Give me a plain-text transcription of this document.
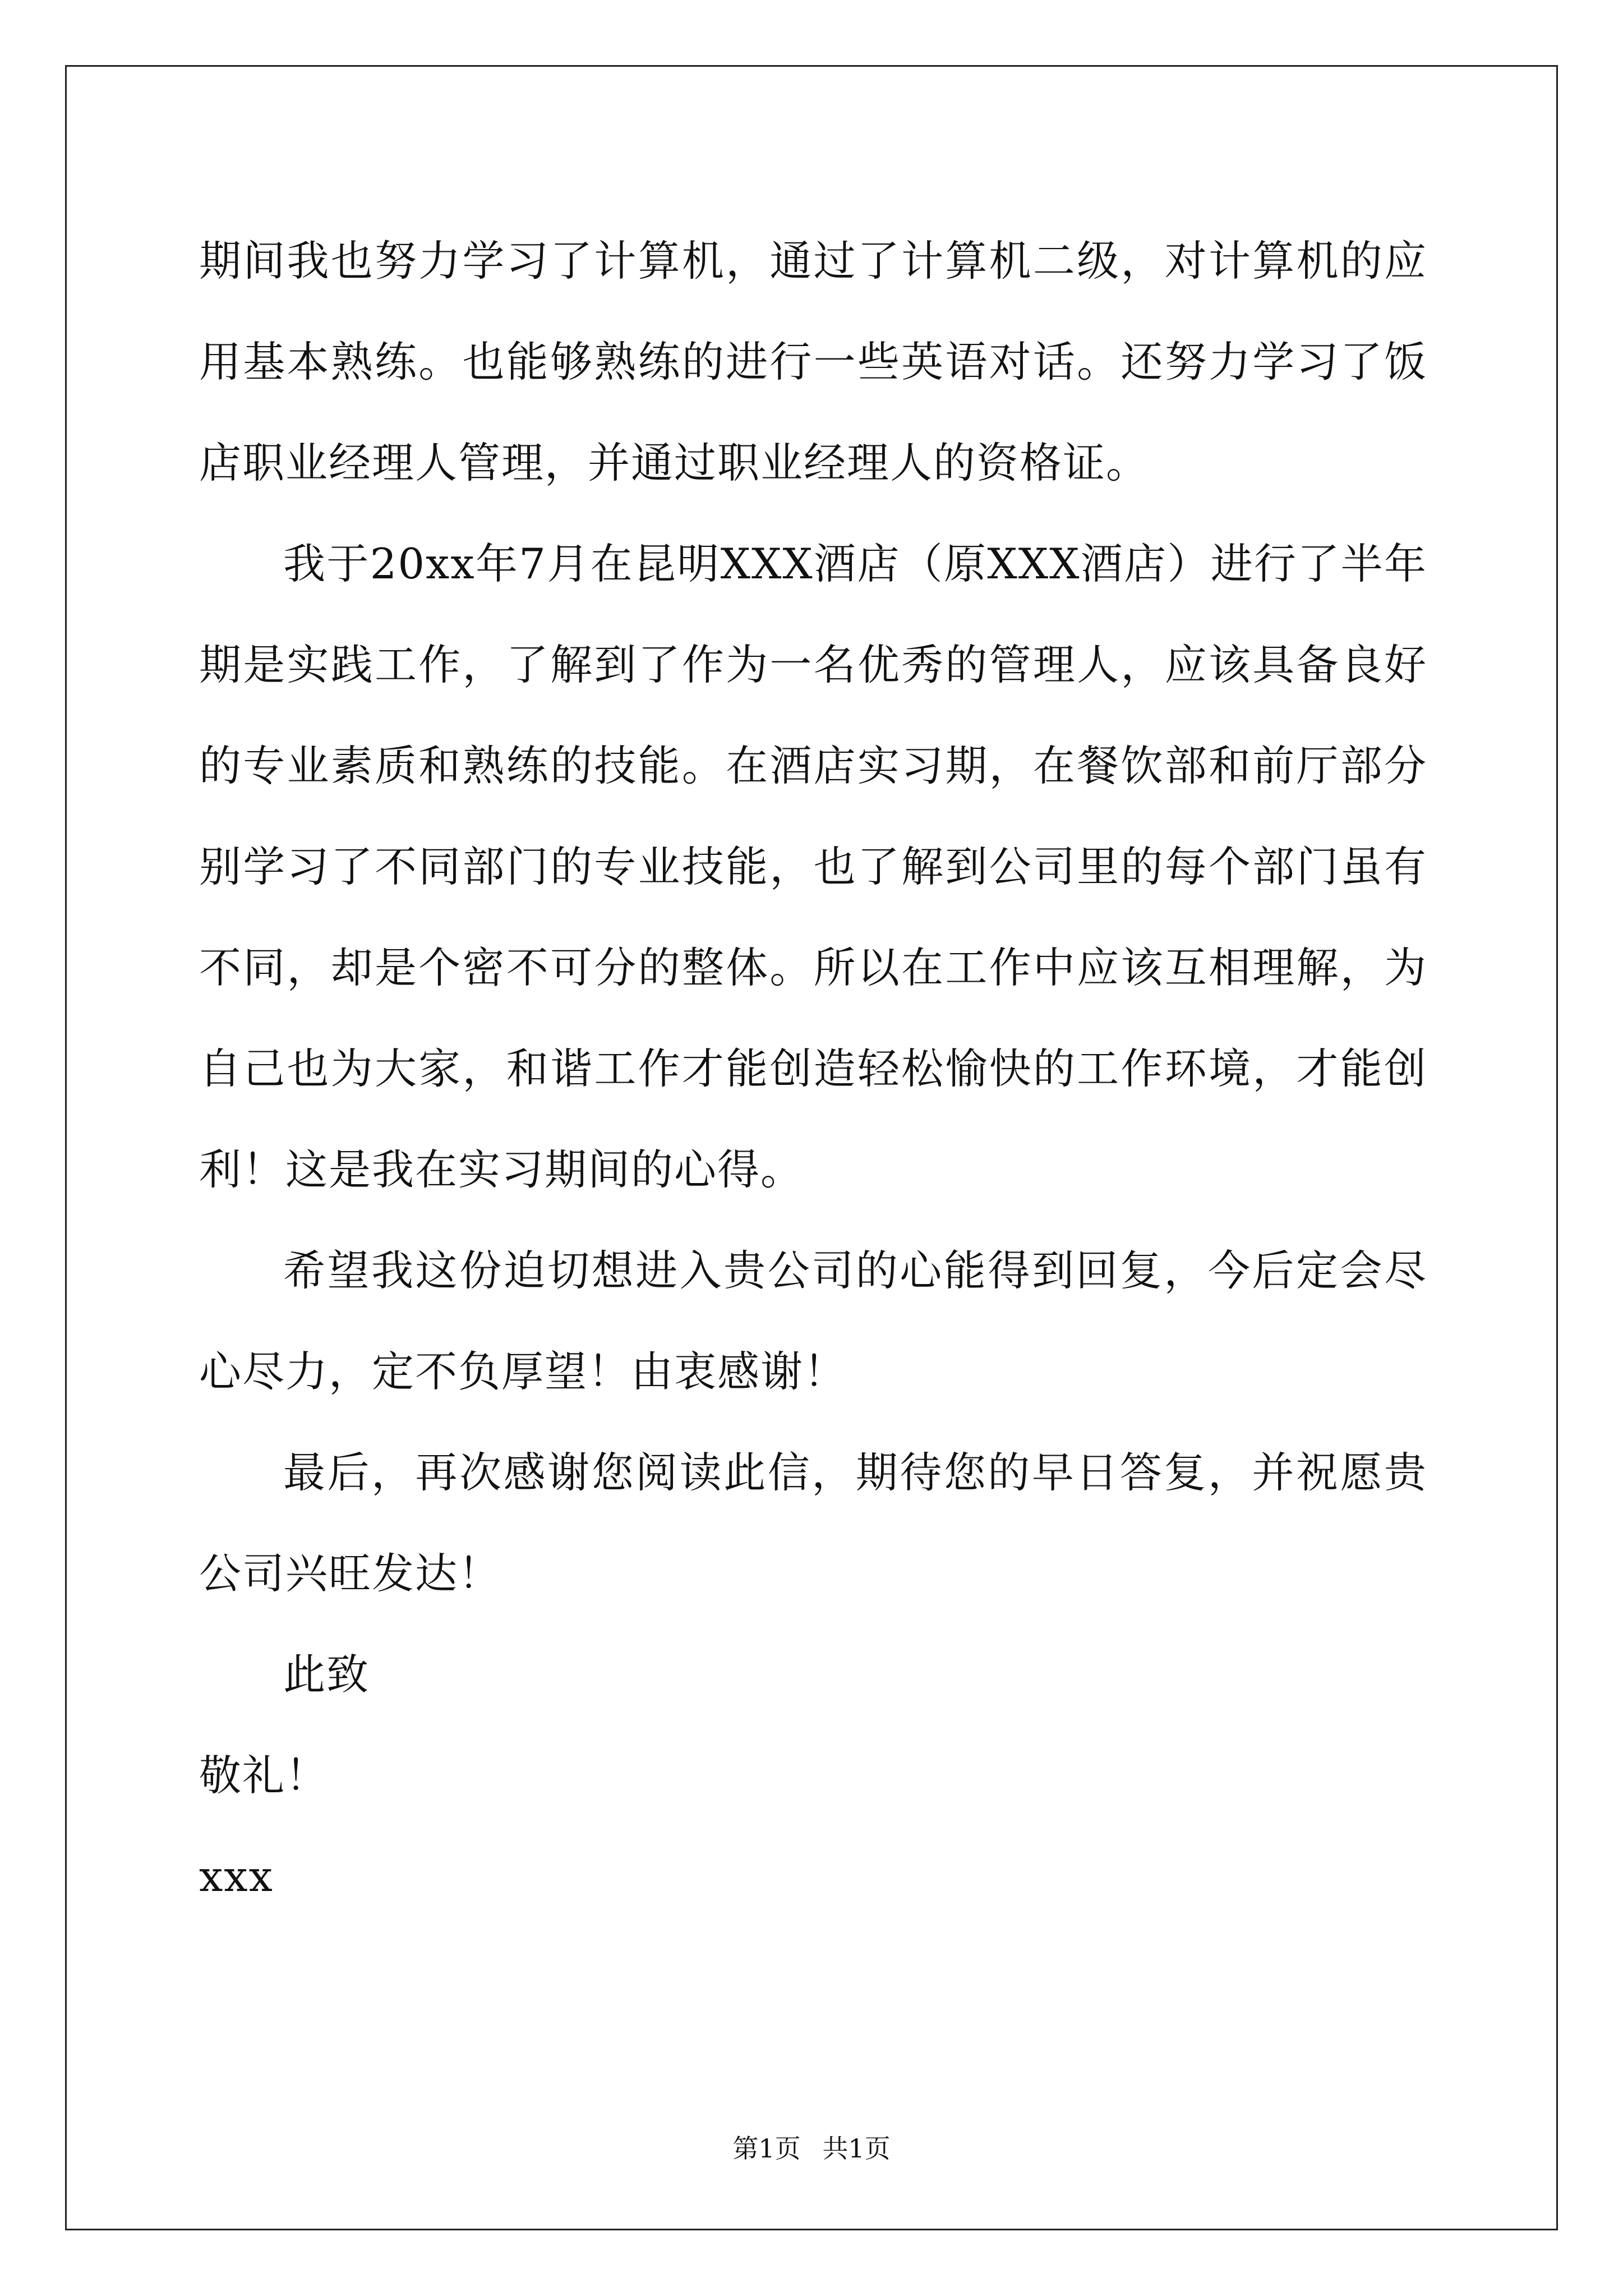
期间我也努力学习了计算机，通过了计算机二级，对计算机的应用基本熟练。也能够熟练的进行一些英语对话。还努力学习了饭店职业经理人管理，并通过职业经理人的资格证。

我于20xx年7月在昆明XXX酒店（原XXX酒店）进行了半年期是实践工作，了解到了作为一名优秀的管理人，应该具备良好的专业素质和熟练的技能。在酒店实习期，在餐饮部和前厅部分别学习了不同部门的专业技能，也了解到公司里的每个部门虽有不同，却是个密不可分的整体。所以在工作中应该互相理解，为自己也为大家，和谐工作才能创造轻松愉快的工作环境，才能创利！这是我在实习期间的心得。

希望我这份迫切想进入贵公司的心能得到回复，今后定会尽心尽力，定不负厚望！由衷感谢！

最后，再次感谢您阅读此信，期待您的早日答复，并祝愿贵公司兴旺发达！

此致

敬礼！

xxx

第1页 共1页
